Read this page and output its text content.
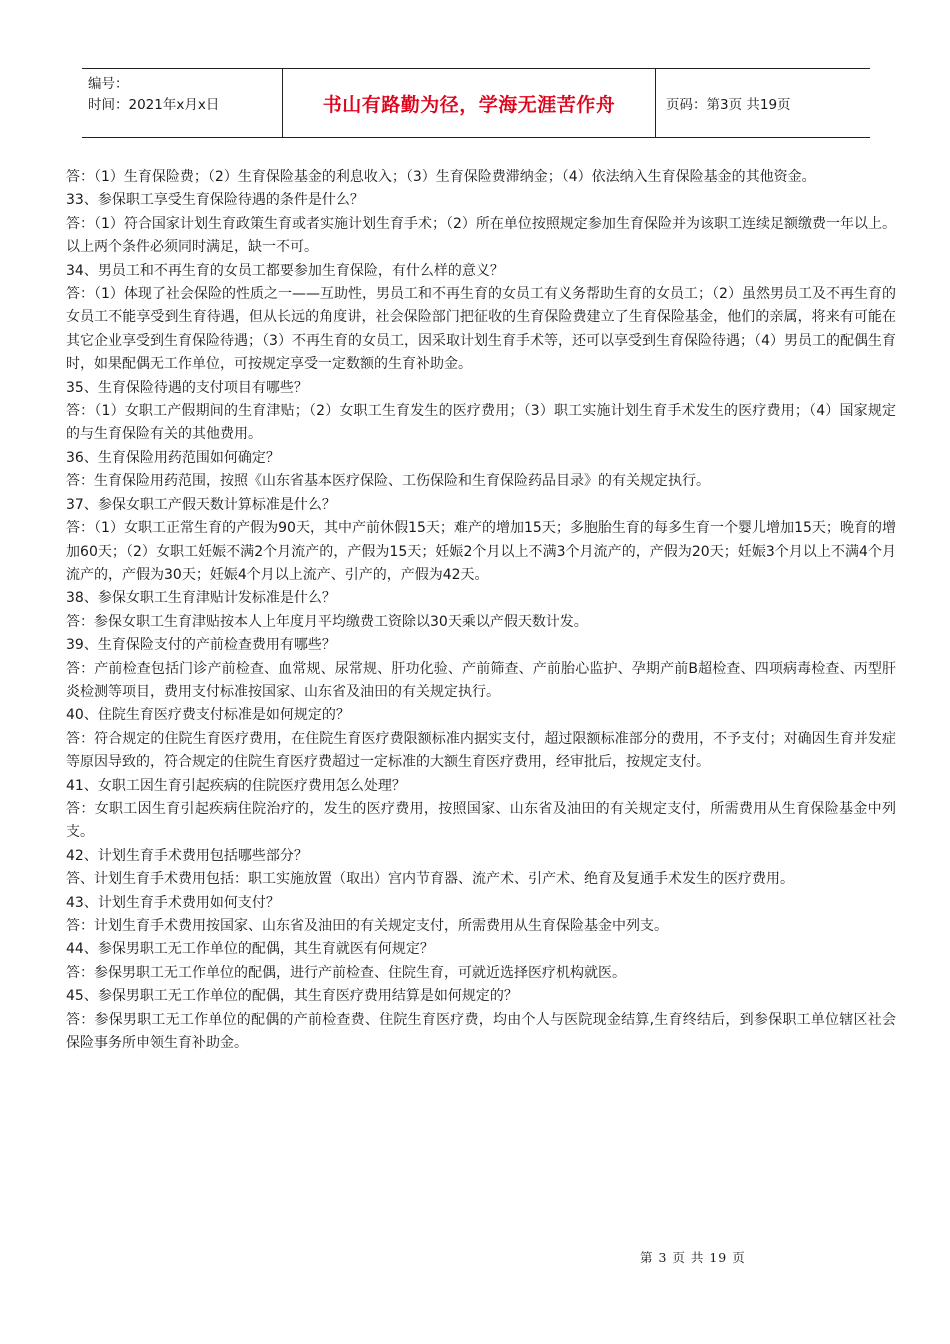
编号：
时间：2021年x月x日	书山有路勤为径，学海无涯苦作舟	页码：第3页 共19页

答：（1）生育保险费；（2）生育保险基金的利息收入；（3）生育保险费滞纳金；（4）依法纳入生育保险基金的其他资金。

33、参保职工享受生育保险待遇的条件是什么？

答：（1）符合国家计划生育政策生育或者实施计划生育手术；（2）所在单位按照规定参加生育保险并为该职工连续足额缴费一年以上。以上两个条件必须同时满足，缺一不可。

34、男员工和不再生育的女员工都要参加生育保险，有什么样的意义？

答：（1）体现了社会保险的性质之一——互助性，男员工和不再生育的女员工有义务帮助生育的女员工；（2）虽然男员工及不再生育的女员工不能享受到生育待遇，但从长远的角度讲，社会保险部门把征收的生育保险费建立了生育保险基金，他们的亲属，将来有可能在其它企业享受到生育保险待遇；（3）不再生育的女员工，因采取计划生育手术等，还可以享受到生育保险待遇；（4）男员工的配偶生育时，如果配偶无工作单位，可按规定享受一定数额的生育补助金。

35、生育保险待遇的支付项目有哪些？

答：（1）女职工产假期间的生育津贴；（2）女职工生育发生的医疗费用；（3）职工实施计划生育手术发生的医疗费用；（4）国家规定的与生育保险有关的其他费用。

36、生育保险用药范围如何确定？

答：生育保险用药范围，按照《山东省基本医疗保险、工伤保险和生育保险药品目录》的有关规定执行。

37、参保女职工产假天数计算标准是什么？

答：（1）女职工正常生育的产假为90天，其中产前休假15天；难产的增加15天；多胞胎生育的每多生育一个婴儿增加15天；晚育的增加60天；（2）女职工妊娠不满2个月流产的，产假为15天；妊娠2个月以上不满3个月流产的，产假为20天；妊娠3个月以上不满4个月流产的，产假为30天；妊娠4个月以上流产、引产的，产假为42天。

38、参保女职工生育津贴计发标准是什么？

答：参保女职工生育津贴按本人上年度月平均缴费工资除以30天乘以产假天数计发。

39、生育保险支付的产前检查费用有哪些？

答：产前检查包括门诊产前检查、血常规、尿常规、肝功化验、产前筛查、产前胎心监护、孕期产前B超检查、四项病毒检查、丙型肝炎检测等项目，费用支付标准按国家、山东省及油田的有关规定执行。

40、住院生育医疗费支付标准是如何规定的？

答：符合规定的住院生育医疗费用，在住院生育医疗费限额标准内据实支付，超过限额标准部分的费用，不予支付；对确因生育并发症等原因导致的，符合规定的住院生育医疗费超过一定标准的大额生育医疗费用，经审批后，按规定支付。

41、女职工因生育引起疾病的住院医疗费用怎么处理？

答：女职工因生育引起疾病住院治疗的，发生的医疗费用，按照国家、山东省及油田的有关规定支付，所需费用从生育保险基金中列支。

42、计划生育手术费用包括哪些部分？

答、计划生育手术费用包括：职工实施放置（取出）宫内节育器、流产术、引产术、绝育及复通手术发生的医疗费用。

43、计划生育手术费用如何支付？

答：计划生育手术费用按国家、山东省及油田的有关规定支付，所需费用从生育保险基金中列支。

44、参保男职工无工作单位的配偶，其生育就医有何规定？

答：参保男职工无工作单位的配偶，进行产前检查、住院生育，可就近选择医疗机构就医。

45、参保男职工无工作单位的配偶，其生育医疗费用结算是如何规定的？

答：参保男职工无工作单位的配偶的产前检查费、住院生育医疗费，均由个人与医院现金结算,生育终结后，到参保职工单位辖区社会保险事务所申领生育补助金。

第 3 页 共 19 页
